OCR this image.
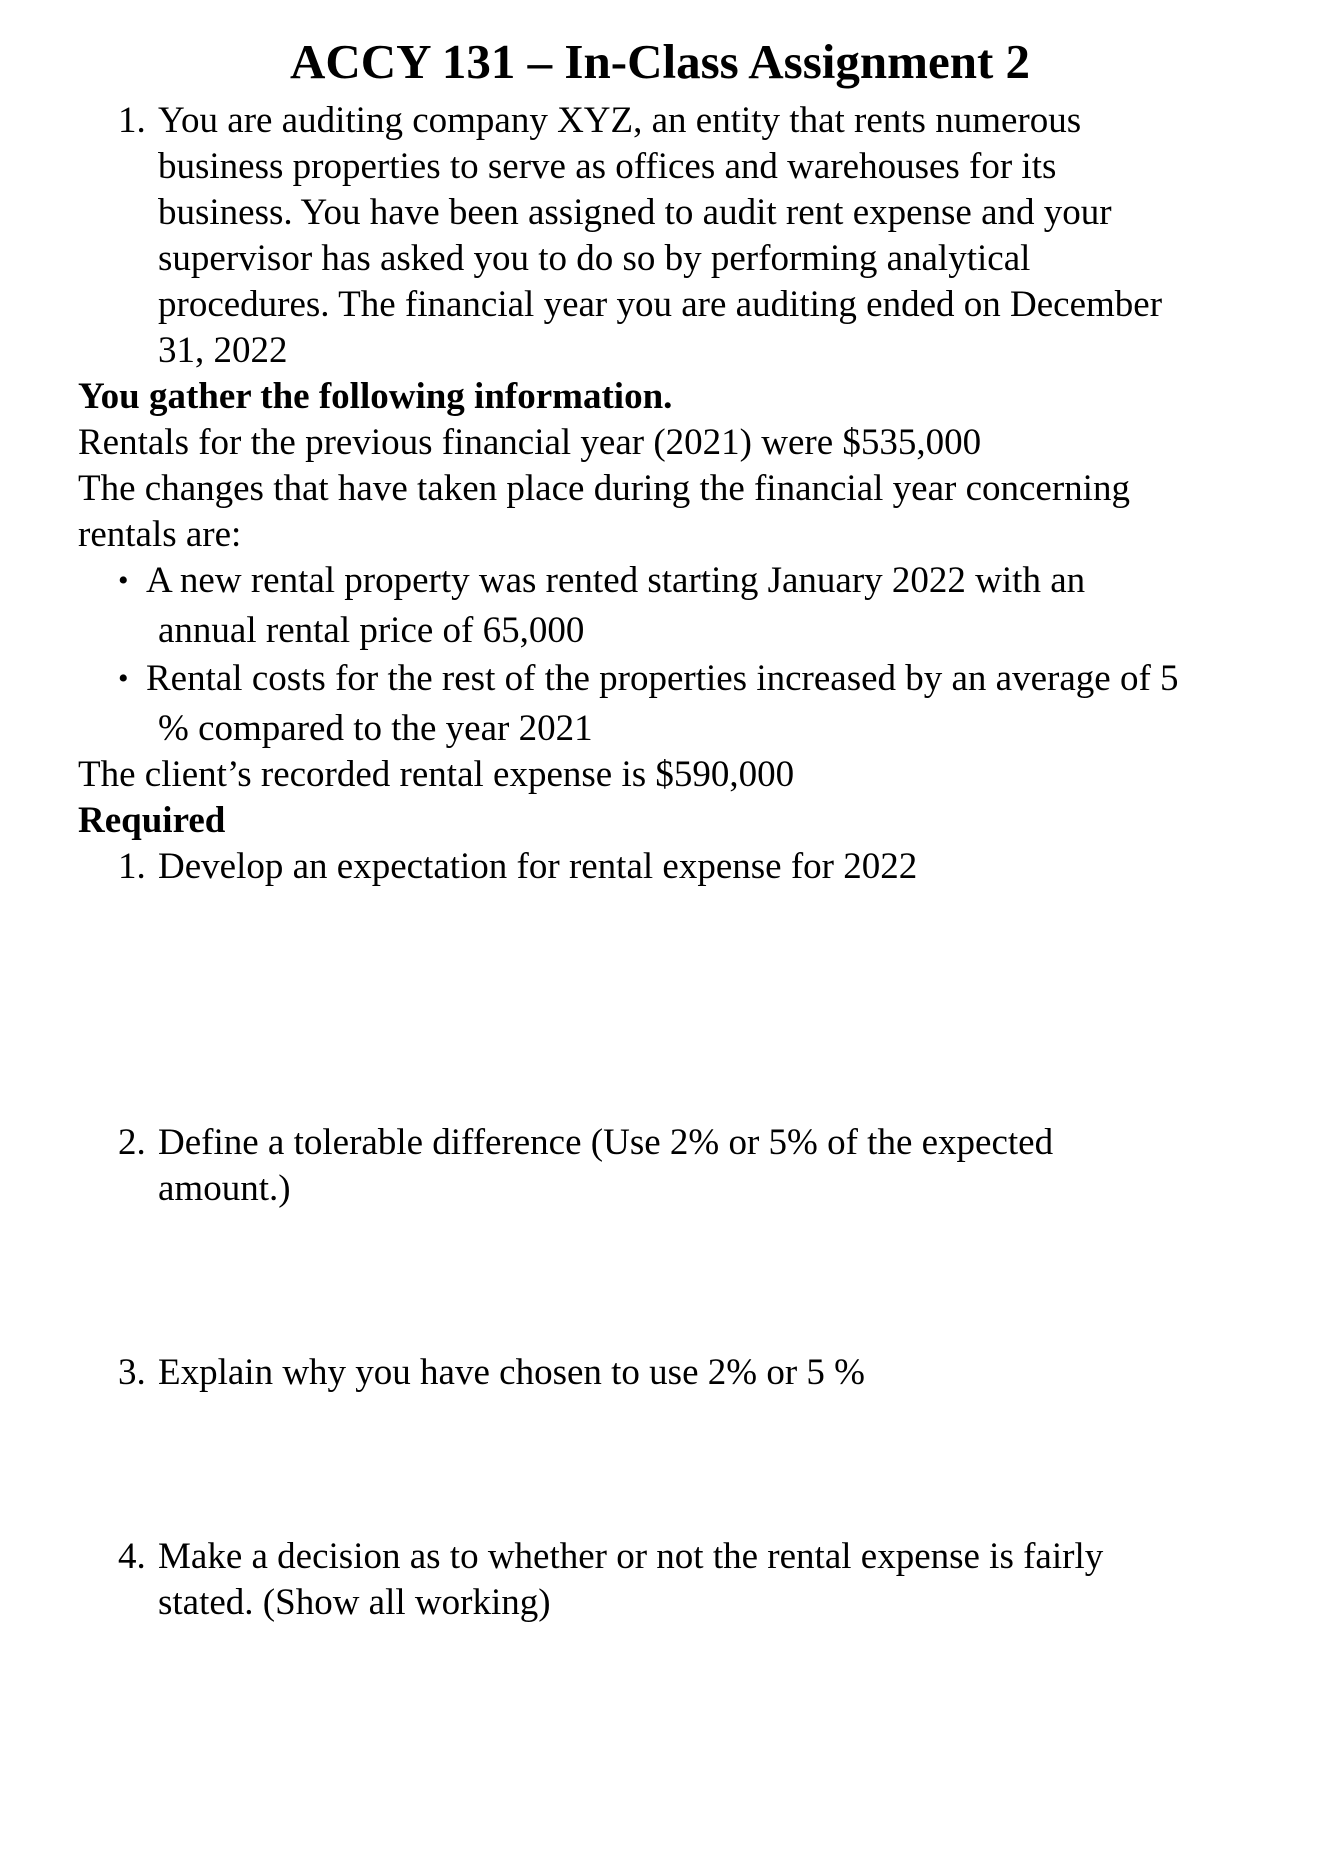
ACCY 131 – In-Class Assignment 2
1. You are auditing company XYZ, an entity that rents numerous
business properties to serve as offices and warehouses for its
business. You have been assigned to audit rent expense and your
supervisor has asked you to do so by performing analytical
procedures. The financial year you are auditing ended on December
31, 2022
You gather the following information.
Rentals for the previous financial year (2021) were $535,000
The changes that have taken place during the financial year concerning
rentals are:
• A new rental property was rented starting January 2022 with an
annual rental price of 65,000
• Rental costs for the rest of the properties increased by an average of 5
% compared to the year 2021
The client’s recorded rental expense is $590,000
Required
1. Develop an expectation for rental expense for 2022
2. Define a tolerable difference (Use 2% or 5% of the expected
amount.)
3. Explain why you have chosen to use 2% or 5 %
4. Make a decision as to whether or not the rental expense is fairly
stated. (Show all working)
